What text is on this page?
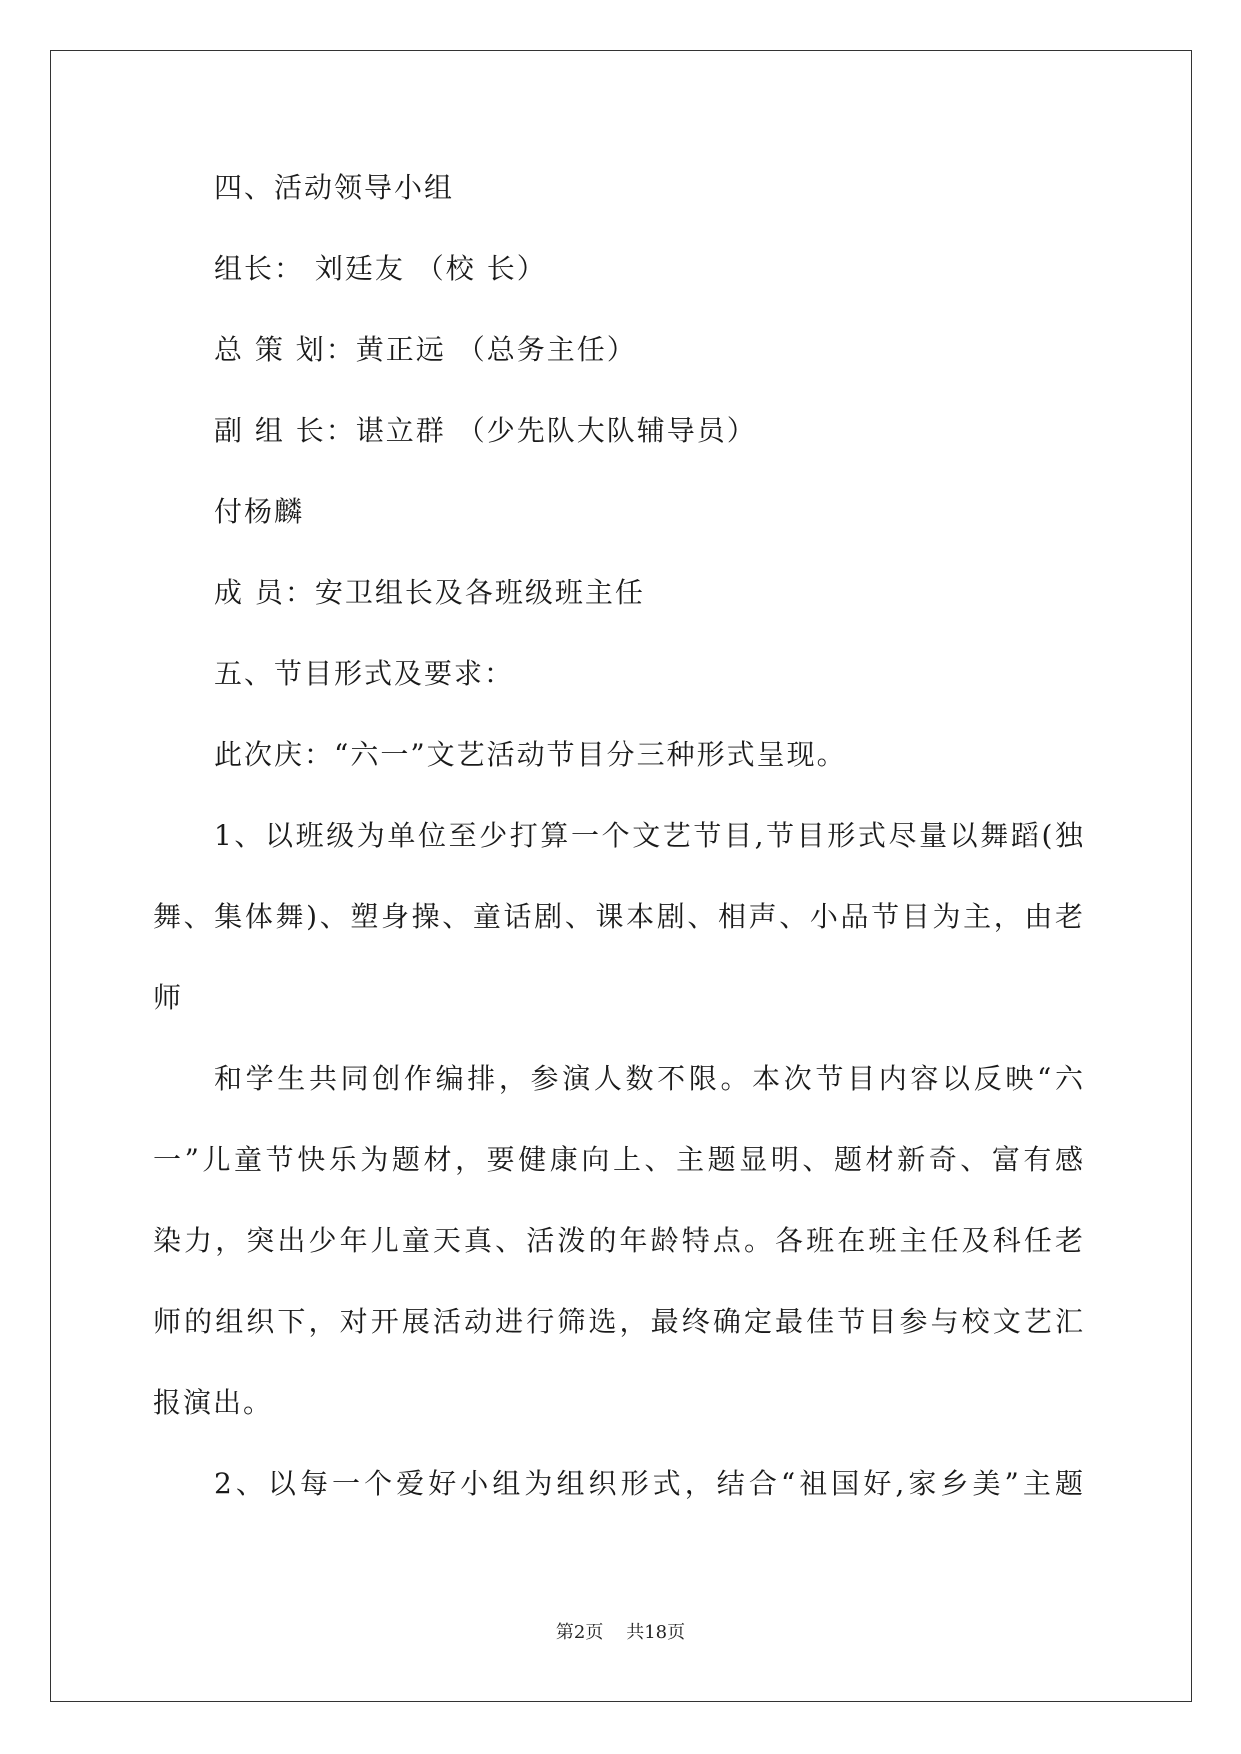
四、活动领导小组
组长： 刘廷友 （校 长）
总 策 划：黄正远 （总务主任）
副 组 长：谌立群 （少先队大队辅导员）
付杨麟
成 员：安卫组长及各班级班主任
五、节目形式及要求：
此次庆：“六一”文艺活动节目分三种形式呈现。
1、以班级为单位至少打算一个文艺节目,节目形式尽量以舞蹈(独
舞、集体舞)、塑身操、童话剧、课本剧、相声、小品节目为主，由老
师
和学生共同创作编排，参演人数不限。本次节目内容以反映“六
一”儿童节快乐为题材，要健康向上、主题显明、题材新奇、富有感
染力，突出少年儿童天真、活泼的年龄特点。各班在班主任及科任老
师的组织下，对开展活动进行筛选，最终确定最佳节目参与校文艺汇
报演出。
2、以每一个爱好小组为组织形式，结合“祖国好,家乡美”主题
第2页 共18页
